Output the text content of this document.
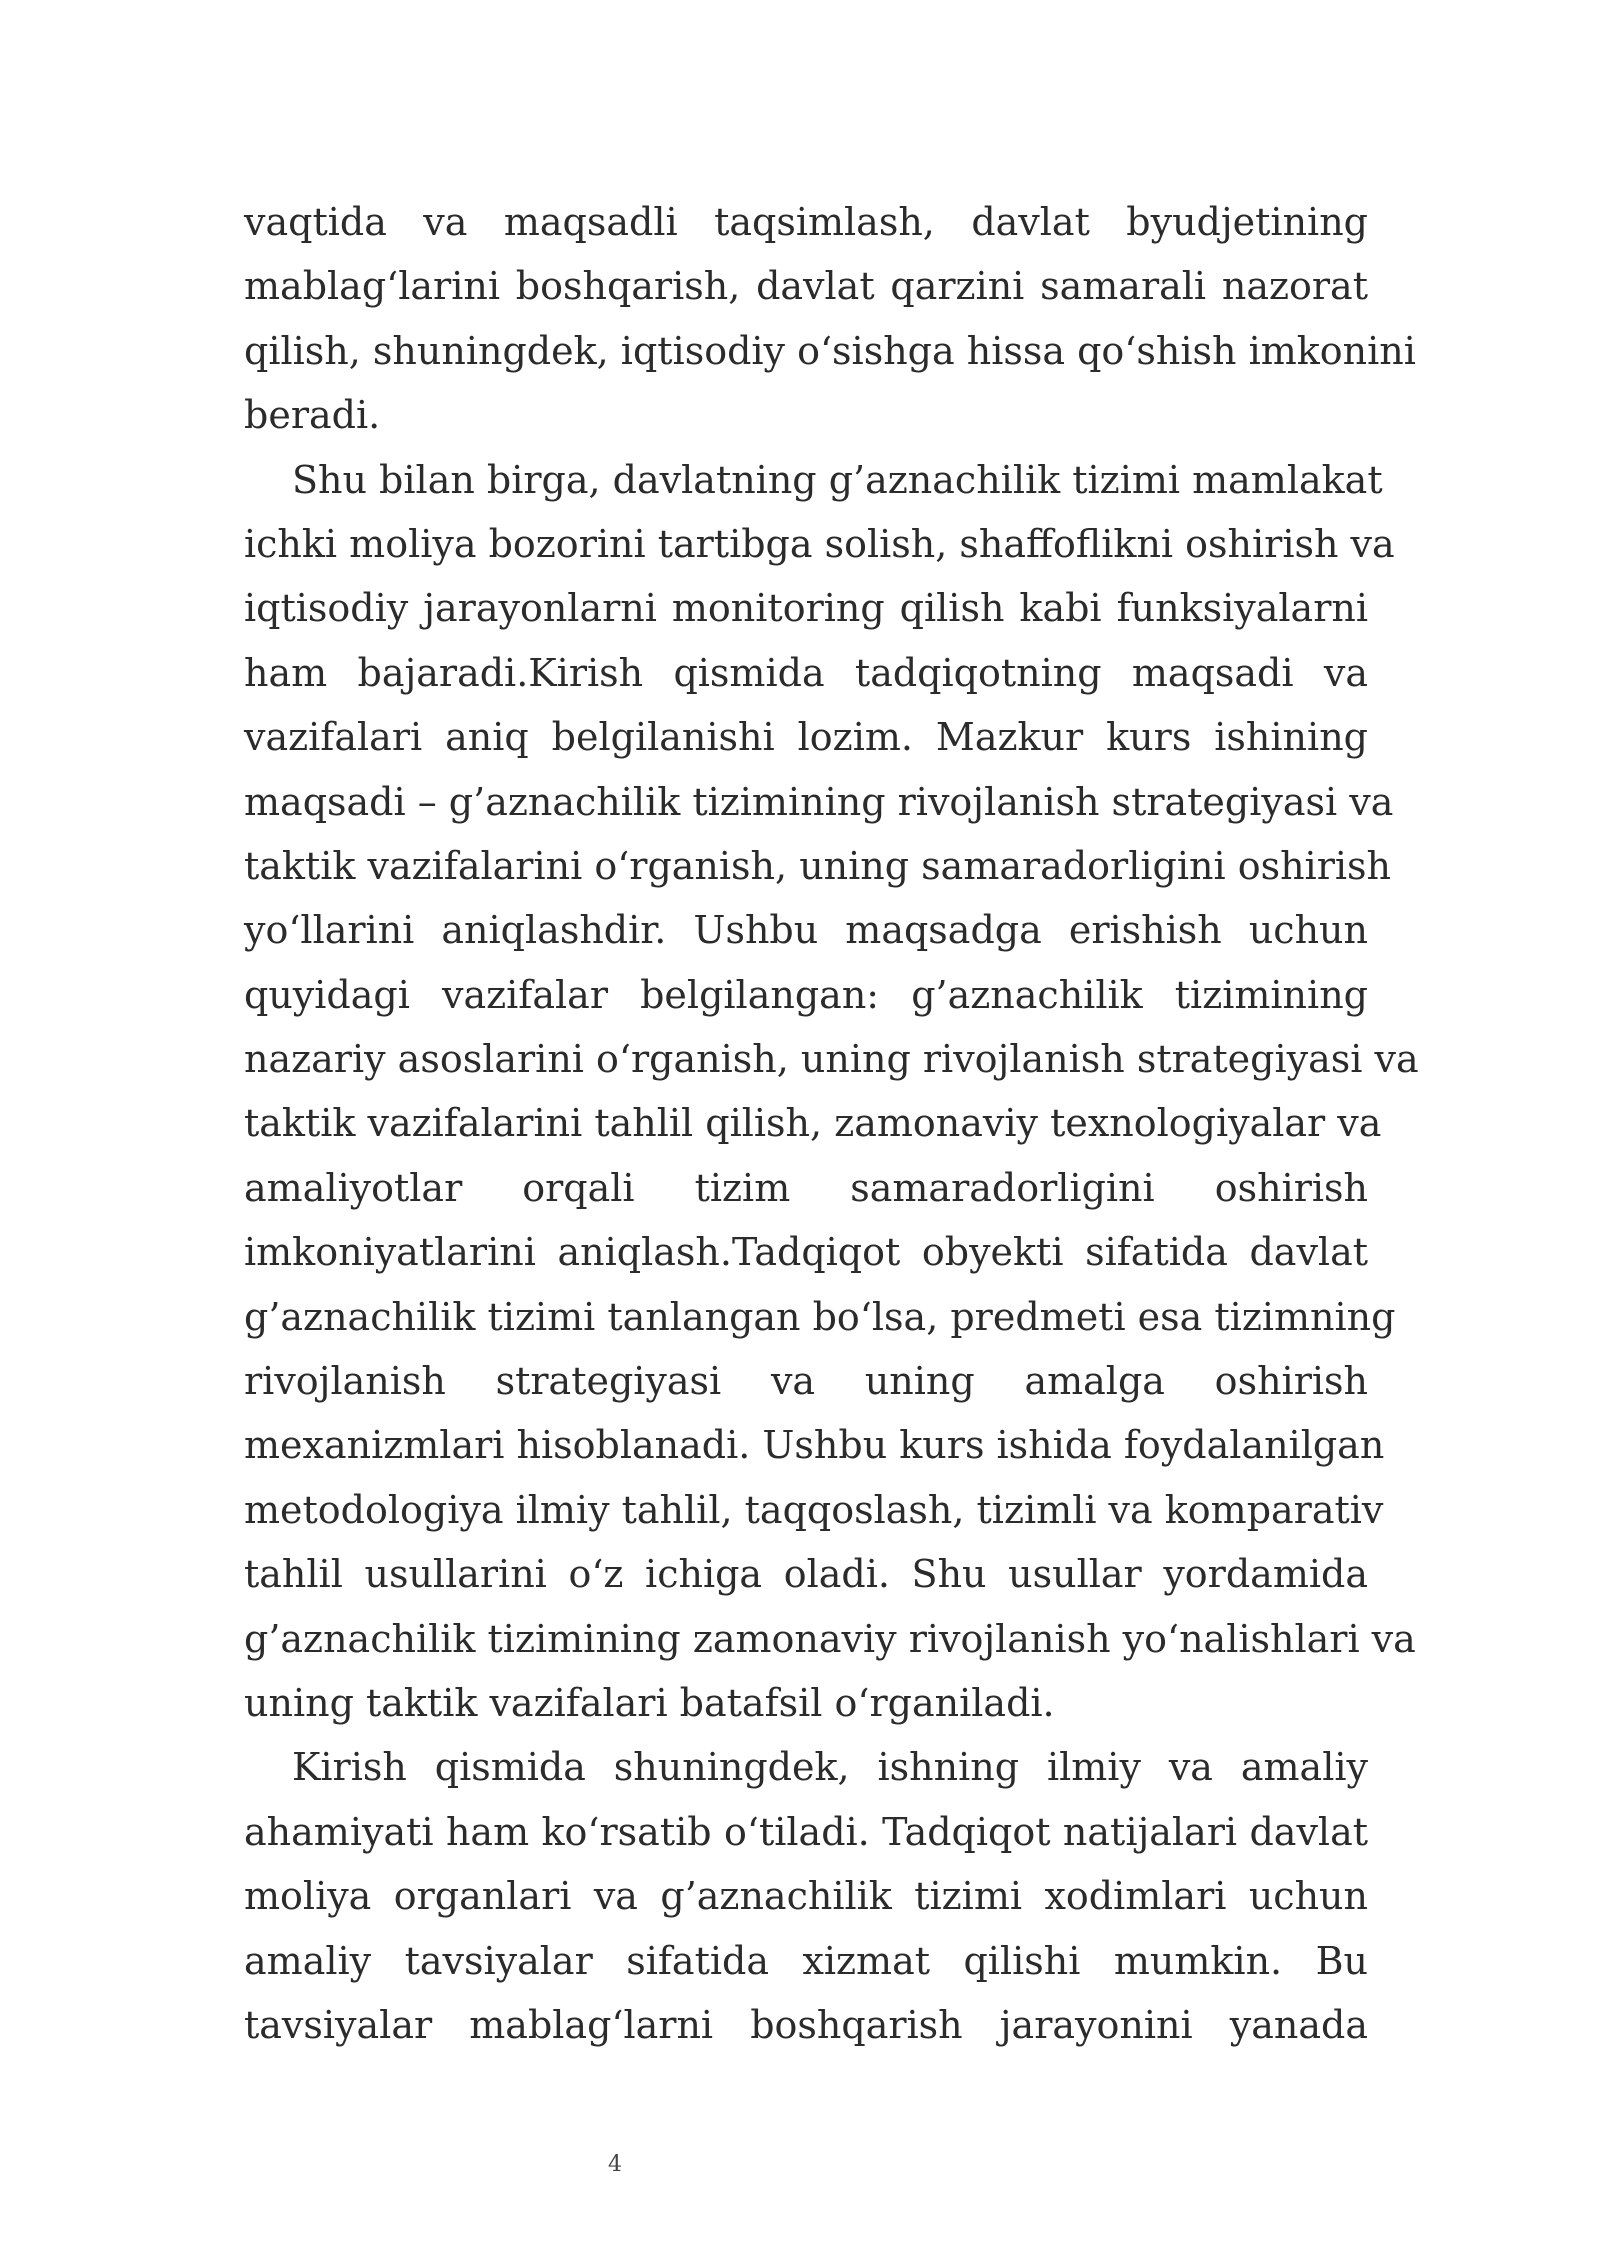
vaqtida va maqsadli taqsimlash, davlat byudjetining
mablag‘larini boshqarish, davlat qarzini samarali nazorat
qilish, shuningdek, iqtisodiy o‘sishga hissa qo‘shish imkonini
beradi.
Shu bilan birga, davlatning g’aznachilik tizimi mamlakat
ichki moliya bozorini tartibga solish, shaffoflikni oshirish va
iqtisodiy jarayonlarni monitoring qilish kabi funksiyalarni
ham bajaradi.Kirish qismida tadqiqotning maqsadi va
vazifalari aniq belgilanishi lozim. Mazkur kurs ishining
maqsadi – g’aznachilik tizimining rivojlanish strategiyasi va
taktik vazifalarini o‘rganish, uning samaradorligini oshirish
yo‘llarini aniqlashdir. Ushbu maqsadga erishish uchun
quyidagi vazifalar belgilangan: g’aznachilik tizimining
nazariy asoslarini o‘rganish, uning rivojlanish strategiyasi va
taktik vazifalarini tahlil qilish, zamonaviy texnologiyalar va
amaliyotlar orqali tizim samaradorligini oshirish
imkoniyatlarini aniqlash.Tadqiqot obyekti sifatida davlat
g’aznachilik tizimi tanlangan bo‘lsa, predmeti esa tizimning
rivojlanish strategiyasi va uning amalga oshirish
mexanizmlari hisoblanadi. Ushbu kurs ishida foydalanilgan
metodologiya ilmiy tahlil, taqqoslash, tizimli va komparativ
tahlil usullarini o‘z ichiga oladi. Shu usullar yordamida
g’aznachilik tizimining zamonaviy rivojlanish yo‘nalishlari va
uning taktik vazifalari batafsil o‘rganiladi.
Kirish qismida shuningdek, ishning ilmiy va amaliy
ahamiyati ham ko‘rsatib o‘tiladi. Tadqiqot natijalari davlat
moliya organlari va g’aznachilik tizimi xodimlari uchun
amaliy tavsiyalar sifatida xizmat qilishi mumkin. Bu
tavsiyalar mablag‘larni boshqarish jarayonini yanada
4
